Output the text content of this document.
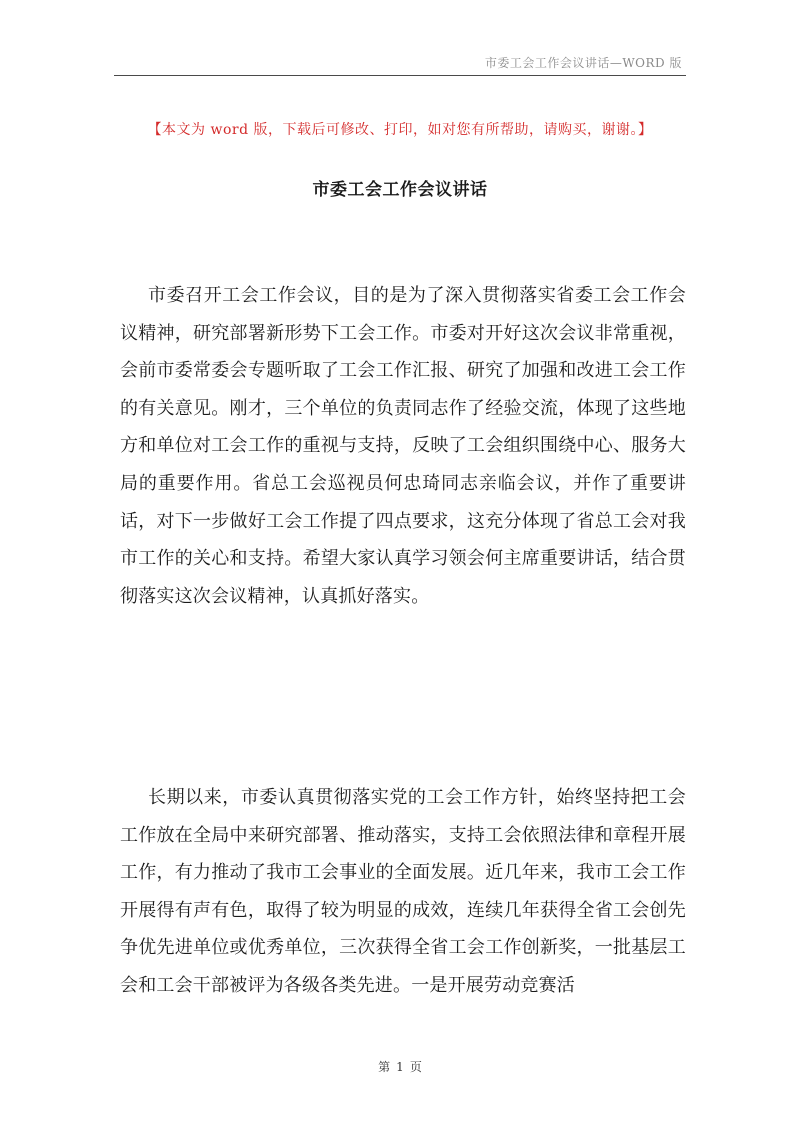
市委工会工作会议讲话—WORD 版
【本文为 word 版，下载后可修改、打印，如对您有所帮助，请购买，谢谢。】
市委工会工作会议讲话

市委召开工会工作会议，目的是为了深入贯彻落实省委工会工作会议精神，研究部署新形势下工会工作。市委对开好这次会议非常重视，会前市委常委会专题听取了工会工作汇报、研究了加强和改进工会工作的有关意见。刚才，三个单位的负责同志作了经验交流，体现了这些地方和单位对工会工作的重视与支持，反映了工会组织围绕中心、服务大局的重要作用。省总工会巡视员何忠琦同志亲临会议，并作了重要讲话，对下一步做好工会工作提了四点要求，这充分体现了省总工会对我市工作的关心和支持。希望大家认真学习领会何主席重要讲话，结合贯彻落实这次会议精神，认真抓好落实。

长期以来，市委认真贯彻落实党的工会工作方针，始终坚持把工会工作放在全局中来研究部署、推动落实，支持工会依照法律和章程开展工作，有力推动了我市工会事业的全面发展。近几年来，我市工会工作开展得有声有色，取得了较为明显的成效，连续几年获得全省工会创先争优先进单位或优秀单位，三次获得全省工会工作创新奖，一批基层工会和工会干部被评为各级各类先进。一是开展劳动竞赛活

第 1 页
